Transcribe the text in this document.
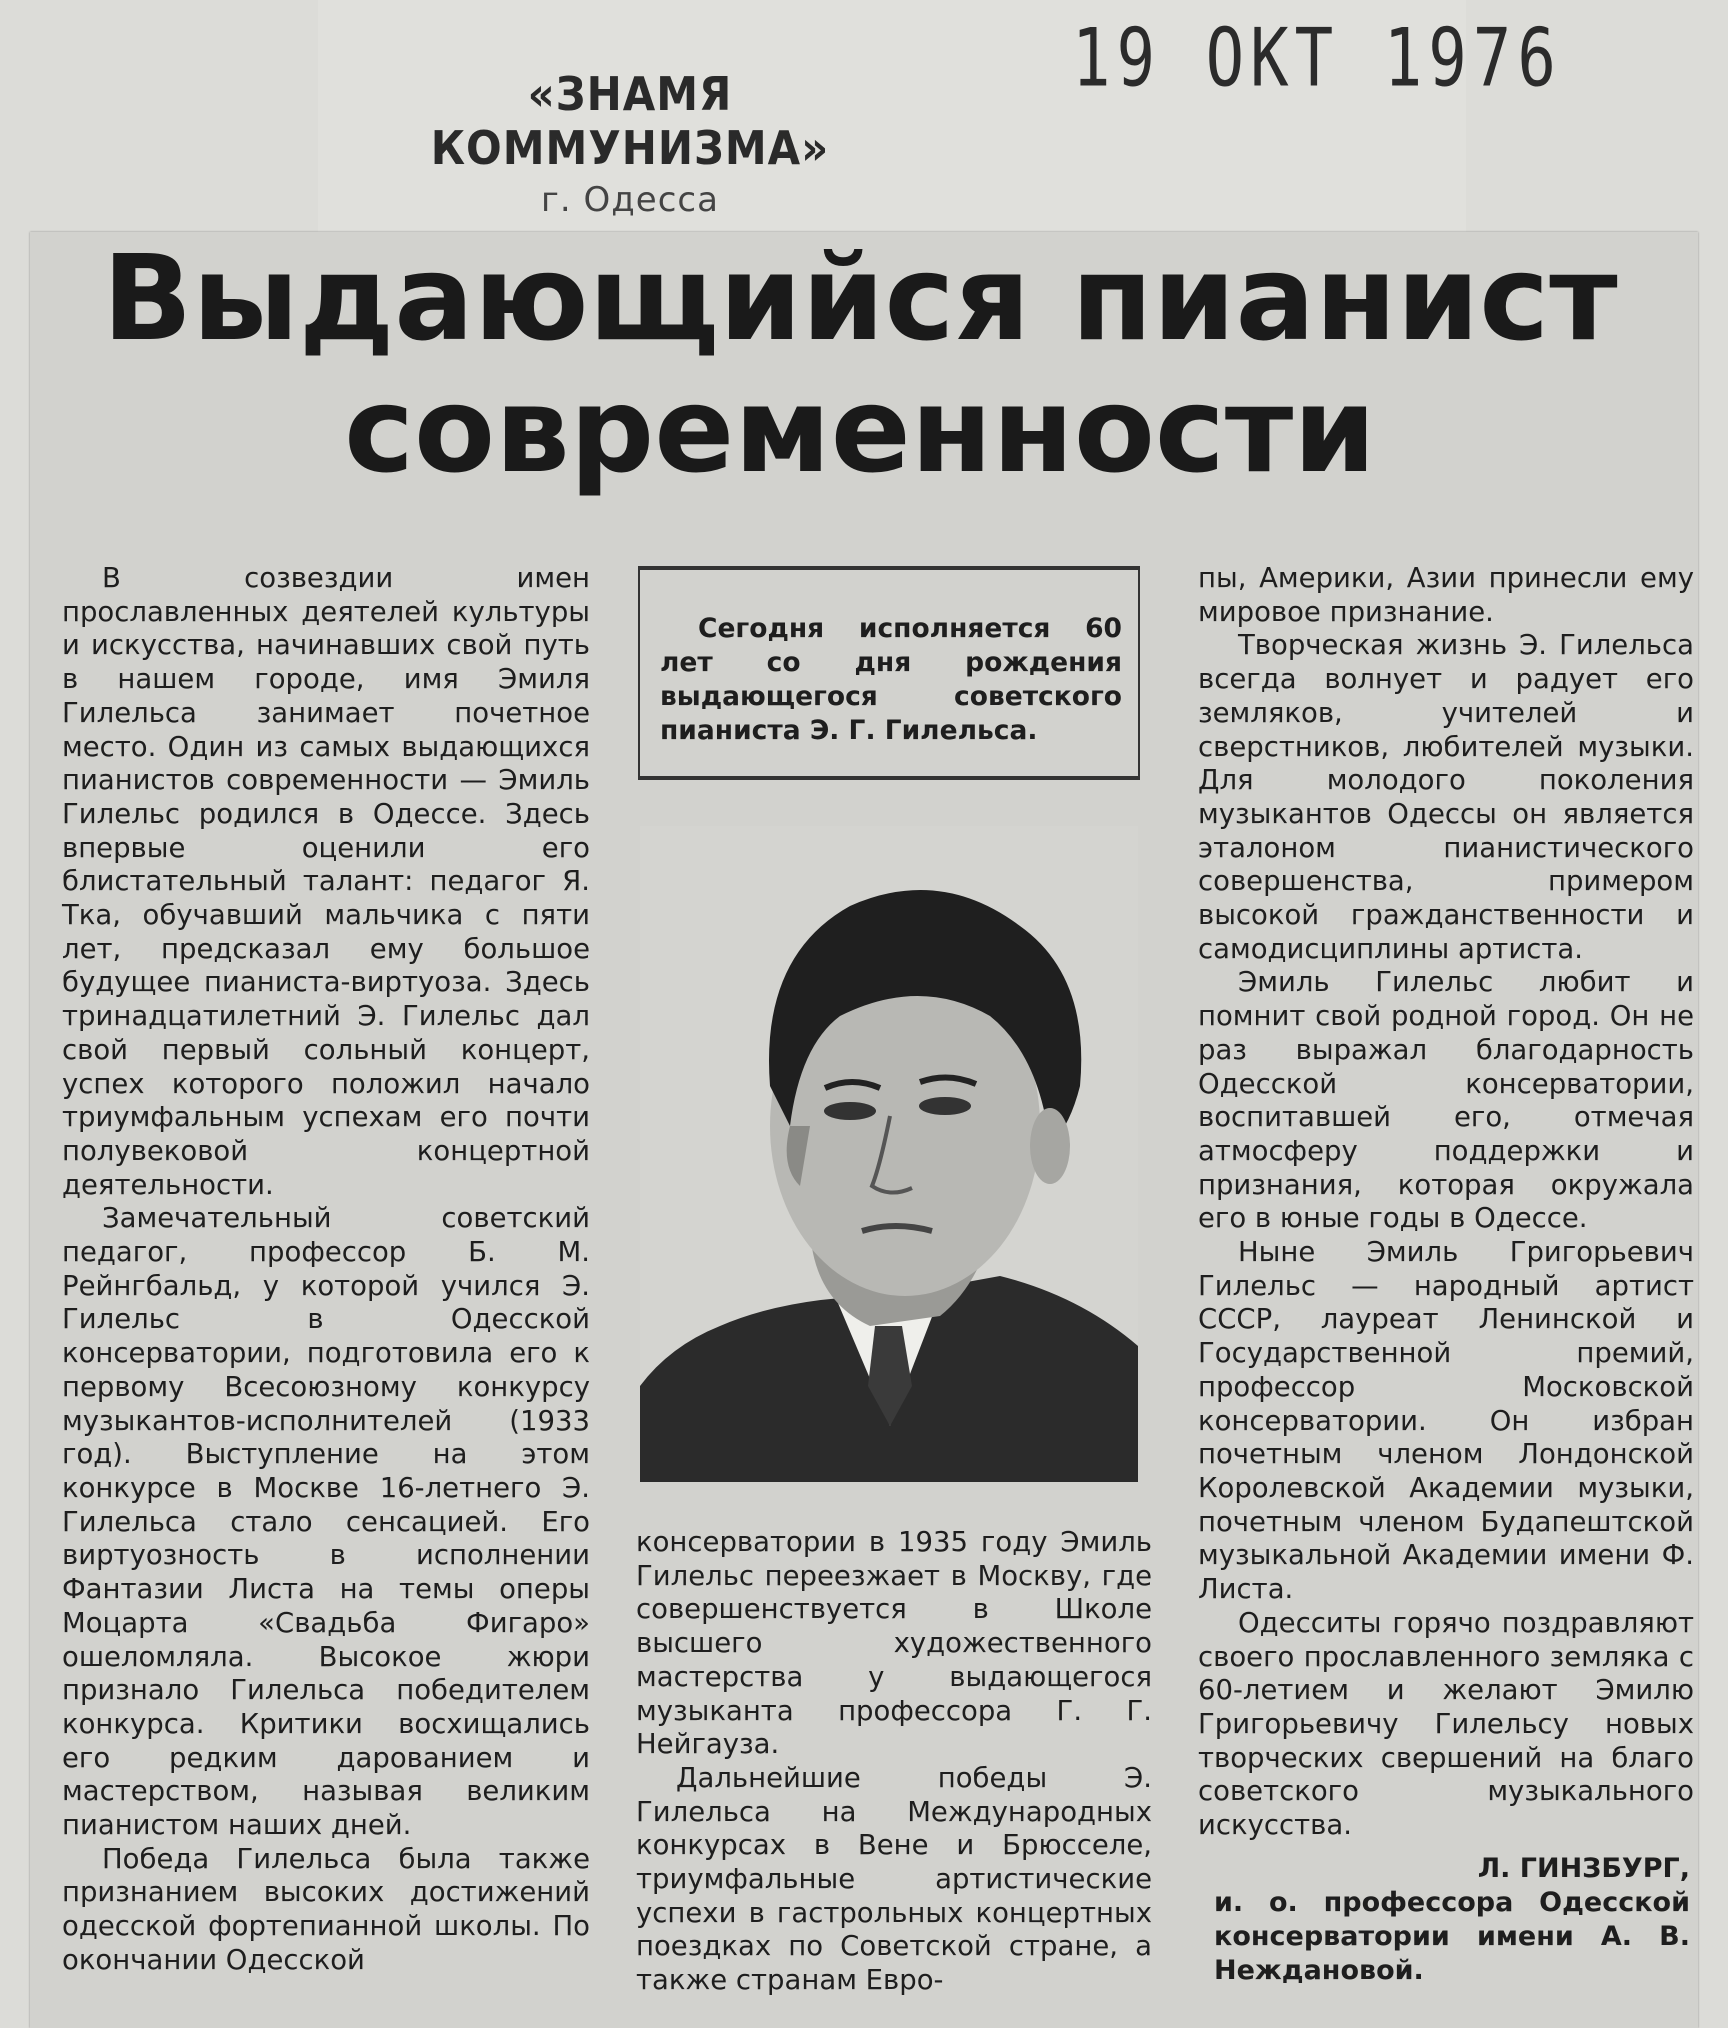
«ЗНАМЯ КОММУНИЗМА»
г. Одесса
19 ОКТ 1976
Выдающийся пианист
современности

В созвездии имен прославленных деятелей культуры и искусства, начинавших свой путь в нашем городе, имя Эмиля Гилельса занимает почетное место. Один из самых выдающихся пианистов современности — Эмиль Гилельс родился в Одессе. Здесь впервые оценили его блистательный талант: педагог Я. Тка, обучавший мальчика с пяти лет, предсказал ему большое будущее пианиста-виртуоза. Здесь тринадцатилетний Э. Гилельс дал свой первый сольный концерт, успех которого положил начало триумфальным успехам его почти полувековой концертной деятельности.

Замечательный советский педагог, профессор Б. М. Рейнгбальд, у которой учился Э. Гилельс в Одесской консерватории, подготовила его к первому Всесоюзному конкурсу музыкантов-исполнителей (1933 год). Выступление на этом конкурсе в Москве 16-летнего Э. Гилельса стало сенсацией. Его виртуозность в исполнении Фантазии Листа на темы оперы Моцарта «Свадьба Фигаро» ошеломляла. Высокое жюри признало Гилельса победителем конкурса. Критики восхищались его редким дарованием и мастерством, называя великим пианистом наших дней.

Победа Гилельса была также признанием высоких достижений одесской фортепианной школы. По окончании Одесской

Сегодня исполняется 60 лет со дня рождения выдающегося советского пианиста Э. Г. Гилельса.

консерватории в 1935 году Эмиль Гилельс переезжает в Москву, где совершенствуется в Школе высшего художественного мастерства у выдающегося музыканта профессора Г. Г. Нейгауза.

Дальнейшие победы Э. Гилельса на Международных конкурсах в Вене и Брюсселе, триумфальные артистические успехи в гастрольных концертных поездках по Советской стране, а также странам Евро-

пы, Америки, Азии принесли ему мировое признание.

Творческая жизнь Э. Гилельса всегда волнует и радует его земляков, учителей и сверстников, любителей музыки. Для молодого поколения музыкантов Одессы он является эталоном пианистического совершенства, примером высокой гражданственности и самодисциплины артиста.

Эмиль Гилельс любит и помнит свой родной город. Он не раз выражал благодарность Одесской консерватории, воспитавшей его, отмечая атмосферу поддержки и признания, которая окружала его в юные годы в Одессе.

Ныне Эмиль Григорьевич Гилельс — народный артист СССР, лауреат Ленинской и Государственной премий, профессор Московской консерватории. Он избран почетным членом Лондонской Королевской Академии музыки, почетным членом Будапештской музыкальной Академии имени Ф. Листа.

Одесситы горячо поздравляют своего прославленного земляка с 60-летием и желают Эмилю Григорьевичу Гилельсу новых творческих свершений на благо советского музыкального искусства.

Л. ГИНЗБУРГ,
и. о. профессора Одесской консерватории имени А. В. Неждановой.
